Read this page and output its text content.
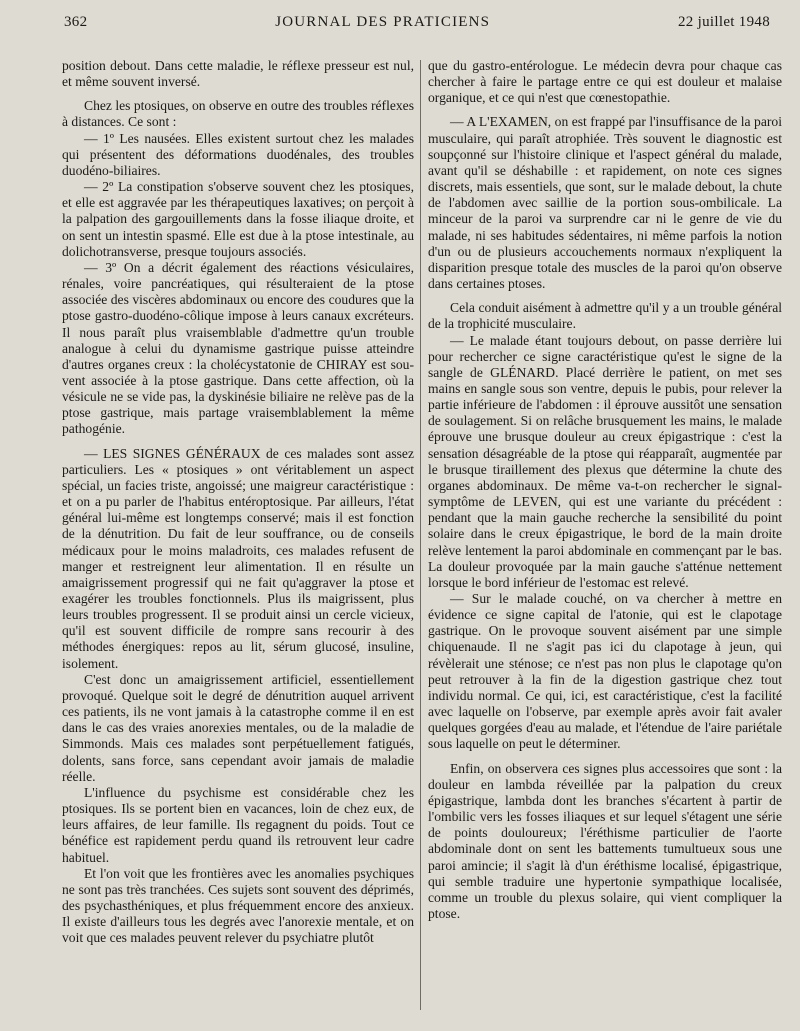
362	JOURNAL DES PRATICIENS	22 juillet 1948

position debout. Dans cette maladie, le réflexe presseur est nul, et même souvent inversé.

Chez les ptosiques, on observe en outre des troubles réflexes à distances. Ce sont :

— 1º Les nausées. Elles existent surtout chez les malades qui présentent des déformations duodénales, des troubles duodéno-biliaires.

— 2º La constipation s'observe souvent chez les ptosiques, et elle est aggravée par les thérapeutiques laxatives; on perçoit à la palpation des gargouillements dans la fosse iliaque droite, et on sent un intestin spasmé. Elle est due à la ptose intestinale, au dolichotransverse, presque toujours associés.

— 3º On a décrit également des réactions vésiculaires, rénales, voire pancréatiques, qui résulteraient de la ptose associée des viscères abdominaux ou encore des coudures que la ptose gastro-duodéno-côlique impose à leurs canaux excréteurs. Il nous paraît plus vraisemblable d'admettre qu'un trouble analogue à celui du dynamisme gastrique puisse atteindre d'autres organes creux : la cholécystatonie de CHIRAY est souvent associée à la ptose gastrique. Dans cette affection, où la vésicule ne se vide pas, la dyskinésie biliaire ne relève pas de la ptose gastrique, mais partage vraisemblablement la même pathogénie.

— LES SIGNES GÉNÉRAUX de ces malades sont assez particuliers. Les « ptosiques » ont véritablement un aspect spécial, un facies triste, angoissé; une maigreur caractéristique : et on a pu parler de l'habitus entéroptosique. Par ailleurs, l'état général lui-même est longtemps conservé; mais il est fonction de la dénutrition. Du fait de leur souffrance, ou de conseils médicaux pour le moins maladroits, ces malades refusent de manger et restreignent leur alimentation. Il en résulte un amaigrissement progressif qui ne fait qu'aggraver la ptose et exagérer les troubles fonctionnels. Plus ils maigrissent, plus leurs troubles progressent. Il se produit ainsi un cercle vicieux, qu'il est souvent difficile de rompre sans recourir à des méthodes énergiques: repos au lit, sérum glucosé, insuline, isolement.

C'est donc un amaigrissement artificiel, essentiellement provoqué. Quelque soit le degré de dénutrition auquel arrivent ces patients, ils ne vont jamais à la catastrophe comme il en est dans le cas des vraies anorexies mentales, ou de la maladie de Simmonds. Mais ces malades sont perpétuellement fatigués, dolents, sans force, sans cependant avoir jamais de maladie réelle.

L'influence du psychisme est considérable chez les ptosiques. Ils se portent bien en vacances, loin de chez eux, de leurs affaires, de leur famille. Ils regagnent du poids. Tout ce bénéfice est rapidement perdu quand ils retrouvent leur cadre habituel.

Et l'on voit que les frontières avec les anomalies psychiques ne sont pas très tranchées. Ces sujets sont souvent des déprimés, des psychasthéniques, et plus fréquemment encore des anxieux. Il existe d'ailleurs tous les degrés avec l'anorexie mentale, et on voit que ces malades peuvent relever du psychiatre plutôt

que du gastro-entérologue. Le médecin devra pour chaque cas chercher à faire le partage entre ce qui est douleur et malaise organique, et ce qui n'est que cœnestopathie.

— A L'EXAMEN, on est frappé par l'insuffisance de la paroi musculaire, qui paraît atrophiée. Très souvent le diagnostic est soupçonné sur l'histoire clinique et l'aspect général du malade, avant qu'il se déshabille : et rapidement, on note ces signes discrets, mais essentiels, que sont, sur le malade debout, la chute de l'abdomen avec saillie de la portion sous-ombilicale. La minceur de la paroi va surprendre car ni le genre de vie du malade, ni ses habitudes sédentaires, ni même parfois la notion d'un ou de plusieurs accouchements normaux n'expliquent la disparition presque totale des muscles de la paroi qu'on observe dans certaines ptoses.

Cela conduit aisément à admettre qu'il y a un trouble général de la trophicité musculaire.

— Le malade étant toujours debout, on passe derrière lui pour rechercher ce signe caractéristique qu'est le signe de la sangle de GLÉNARD. Placé derrière le patient, on met ses mains en sangle sous son ventre, depuis le pubis, pour relever la partie inférieure de l'abdomen : il éprouve aussitôt une sensation de soulagement. Si on relâche brusquement les mains, le malade éprouve une brusque douleur au creux épigastrique : c'est la sensation désagréable de la ptose qui réapparaît, augmentée par le brusque tiraillement des plexus que détermine la chute des organes abdominaux. De même va-t-on rechercher le signal-symptôme de LEVEN, qui est une variante du précédent : pendant que la main gauche recherche la sensibilité du point solaire dans le creux épigastrique, le bord de la main droite relève lentement la paroi abdominale en commençant par le bas. La douleur provoquée par la main gauche s'atténue nettement lorsque le bord inférieur de l'estomac est relevé.

— Sur le malade couché, on va chercher à mettre en évidence ce signe capital de l'atonie, qui est le clapotage gastrique. On le provoque souvent aisément par une simple chiquenaude. Il ne s'agit pas ici du clapotage à jeun, qui révèlerait une sténose; ce n'est pas non plus le clapotage qu'on peut retrouver à la fin de la digestion gastrique chez tout individu normal. Ce qui, ici, est caractéristique, c'est la facilité avec laquelle on l'observe, par exemple après avoir fait avaler quelques gorgées d'eau au malade, et l'étendue de l'aire pariétale sous laquelle on peut le déterminer.

Enfin, on observera ces signes plus accessoires que sont : la douleur en lambda réveillée par la palpation du creux épigastrique, lambda dont les branches s'écartent à partir de l'ombilic vers les fosses iliaques et sur lequel s'étagent une série de points douloureux; l'éréthisme particulier de l'aorte abdominale dont on sent les battements tumultueux sous une paroi amincie; il s'agit là d'un éréthisme localisé, épigastrique, qui semble traduire une hypertonie sympathique localisée, comme un trouble du plexus solaire, qui vient compliquer la ptose.
